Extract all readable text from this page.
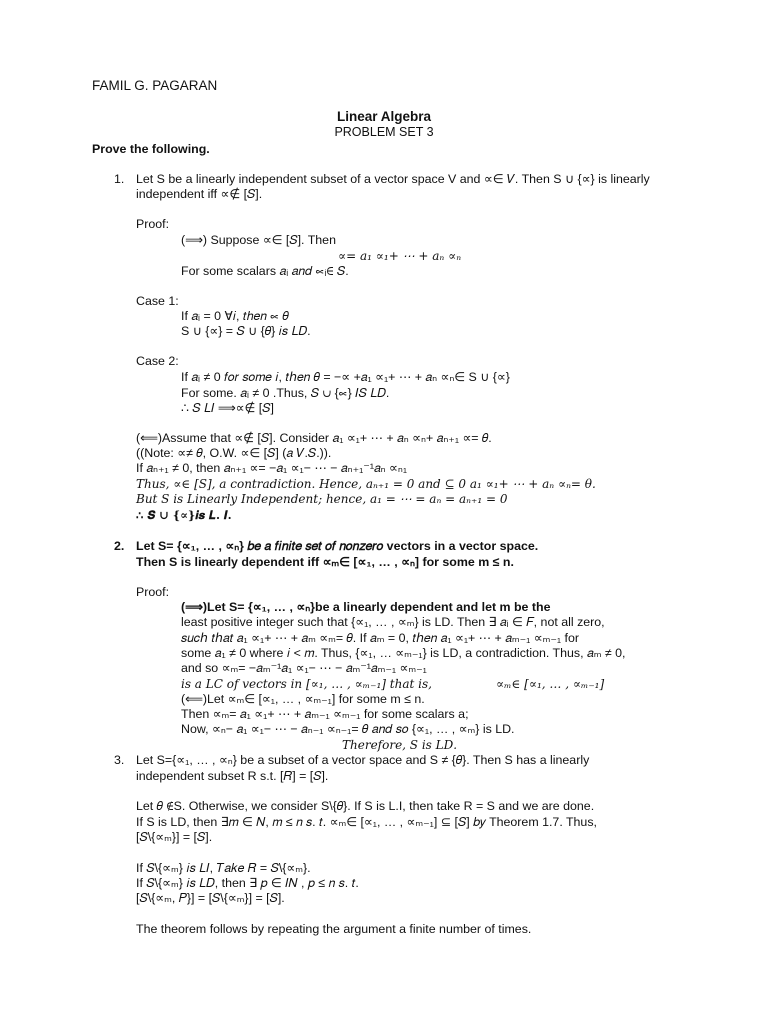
FAMIL G. PAGARAN
Linear Algebra
PROBLEM SET 3
Prove the following.
1. Let S be a linearly independent subset of a vector space V and ∝∈ 𝑉. Then S ∪ {∝} is linearly
independent iff ∝∉ [𝑆].
Proof:
(⟹) Suppose ∝∈ [𝑆]. Then
∝= 𝑎₁ ∝₁+ ⋯ + 𝑎ₙ ∝ₙ
For some scalars 𝑎ᵢ 𝑎𝑛𝑑 ∝ᵢ∈ 𝑆.
Case 1:
If 𝑎ᵢ = 0 ∀𝑖, 𝑡ℎ𝑒𝑛 ∝ 𝜃
S ∪ {∝} = 𝑆 ∪ {𝜃} 𝑖𝑠 𝐿𝐷.
Case 2:
If 𝑎ᵢ ≠ 0 𝑓𝑜𝑟 𝑠𝑜𝑚𝑒 𝑖, 𝑡ℎ𝑒𝑛 𝜃 = −∝ +𝑎₁ ∝₁+ ⋯ + 𝑎ₙ ∝ₙ∈ S ∪ {∝}
For some. 𝑎ᵢ ≠ 0 .Thus, 𝑆 ∪ {∝} 𝐼𝑆 𝐿𝐷.
∴ 𝑆 𝐿𝐼 ⟹∝∉ [𝑆]
(⟸)Assume that ∝∉ [𝑆]. Consider 𝑎₁ ∝₁+ ⋯ + 𝑎ₙ ∝ₙ+ 𝑎ₙ₊₁ ∝= 𝜃.
((Note: ∝≠ 𝜃, O.W. ∝∈ [𝑆] (𝑎 𝑉.𝑆.)).
If 𝑎ₙ₊₁ ≠ 0, then 𝑎ₙ₊₁ ∝= −𝑎₁ ∝₁− ⋯ − 𝑎ₙ₊₁⁻¹𝑎ₙ ∝ₙ₁
𝑇ℎ𝑢𝑠, ∝∈ [𝑆], 𝑎 𝑐𝑜𝑛𝑡𝑟𝑎𝑑𝑖𝑐𝑡𝑖𝑜𝑛. 𝐻𝑒𝑛𝑐𝑒, 𝑎ₙ₊₁ = 0 𝑎𝑛𝑑 ⊆ 0 𝑎₁ ∝₁+ ⋯ + 𝑎ₙ ∝ₙ= 𝜃.
𝐵𝑢𝑡 𝑆 𝑖𝑠 𝐿𝑖𝑛𝑒𝑎𝑟𝑙𝑦 𝐼𝑛𝑑𝑒𝑝𝑒𝑛𝑑𝑒𝑛𝑡; ℎ𝑒𝑛𝑐𝑒, 𝑎₁ = ⋯ = 𝑎ₙ = 𝑎ₙ₊₁ = 0
∴ 𝑺 ∪ {∝}𝒊𝒔 𝑳. 𝑰.
2. Let S= {∝₁, … , ∝ₙ} 𝑏𝑒 𝑎 𝑓𝑖𝑛𝑖𝑡𝑒 𝑠𝑒𝑡 𝑜𝑓 𝑛𝑜𝑛𝑧𝑒𝑟𝑜 vectors in a vector space.
Then S is linearly dependent iff ∝ₘ∈ [∝₁, … , ∝ₙ] for some m ≤ n.
Proof:
(⟹)Let S= {∝₁, … , ∝ₙ}be a linearly dependent and let m be the
least positive integer such that {∝₁, … , ∝ₘ} is LD. Then ∃ 𝑎ᵢ ∈ 𝐹, not all zero,
𝑠𝑢𝑐ℎ 𝑡ℎ𝑎𝑡 𝑎₁ ∝₁+ ⋯ + 𝑎ₘ ∝ₘ= 𝜃. If 𝑎ₘ = 0, 𝑡ℎ𝑒𝑛 𝑎₁ ∝₁+ ⋯ + 𝑎ₘ₋₁ ∝ₘ₋₁ for
some 𝑎₁ ≠ 0 where 𝑖 < 𝑚. Thus, {∝₁, … ∝ₘ₋₁} is LD, a contradiction. Thus, 𝑎ₘ ≠ 0,
and so ∝ₘ= −𝑎ₘ⁻¹𝑎₁ ∝₁− ⋯ − 𝑎ₘ⁻¹𝑎ₘ₋₁ ∝ₘ₋₁
𝑖𝑠 𝑎 𝐿𝐶 𝑜𝑓 𝑣𝑒𝑐𝑡𝑜𝑟𝑠 𝑖𝑛 [∝₁, … , ∝ₘ₋₁] 𝑡ℎ𝑎𝑡 𝑖𝑠,	∝ₘ∈ [∝₁, … , ∝ₘ₋₁]
(⟸)Let ∝ₘ∈ [∝₁, … , ∝ₘ₋₁] for some m ≤ n.
Then ∝ₘ= 𝑎₁ ∝₁+ ⋯ + 𝑎ₘ₋₁ ∝ₘ₋₁ for some scalars a;
Now, ∝ₙ− 𝑎₁ ∝₁− ⋯ − 𝑎ₙ₋₁ ∝ₙ₋₁= 𝜃 𝑎𝑛𝑑 𝑠𝑜 {∝₁, … , ∝ₘ} is LD.
𝑇ℎ𝑒𝑟𝑒𝑓𝑜𝑟𝑒, 𝑆 𝑖𝑠 𝐿𝐷.
3. Let S={∝₁, … , ∝ₙ} be a subset of a vector space and S ≠ {𝜃}. Then S has a linearly
independent subset R s.t. [𝑅] = [𝑆].
Let 𝜃 ∉S. Otherwise, we consider S\{𝜃}. If S is L.I, then take R = S and we are done.
If S is LD, then ∃𝑚 ∈ 𝑁, 𝑚 ≤ 𝑛 𝑠. 𝑡. ∝ₘ∈ [∝₁, … , ∝ₘ₋₁] ⊆ [𝑆] 𝑏𝑦 Theorem 1.7. Thus,
[𝑆\{∝ₘ}] = [𝑆].
If 𝑆\{∝ₘ} 𝑖𝑠 𝐿𝐼, 𝑇𝑎𝑘𝑒 𝑅 = 𝑆\{∝ₘ}.
If 𝑆\{∝ₘ} 𝑖𝑠 𝐿𝐷, then ∃ 𝑝 ∈ 𝐼𝑁 , 𝑝 ≤ 𝑛 𝑠. 𝑡.
[𝑆\{∝ₘ, 𝑃}] = [𝑆\{∝ₘ}] = [𝑆].
The theorem follows by repeating the argument a finite number of times.
